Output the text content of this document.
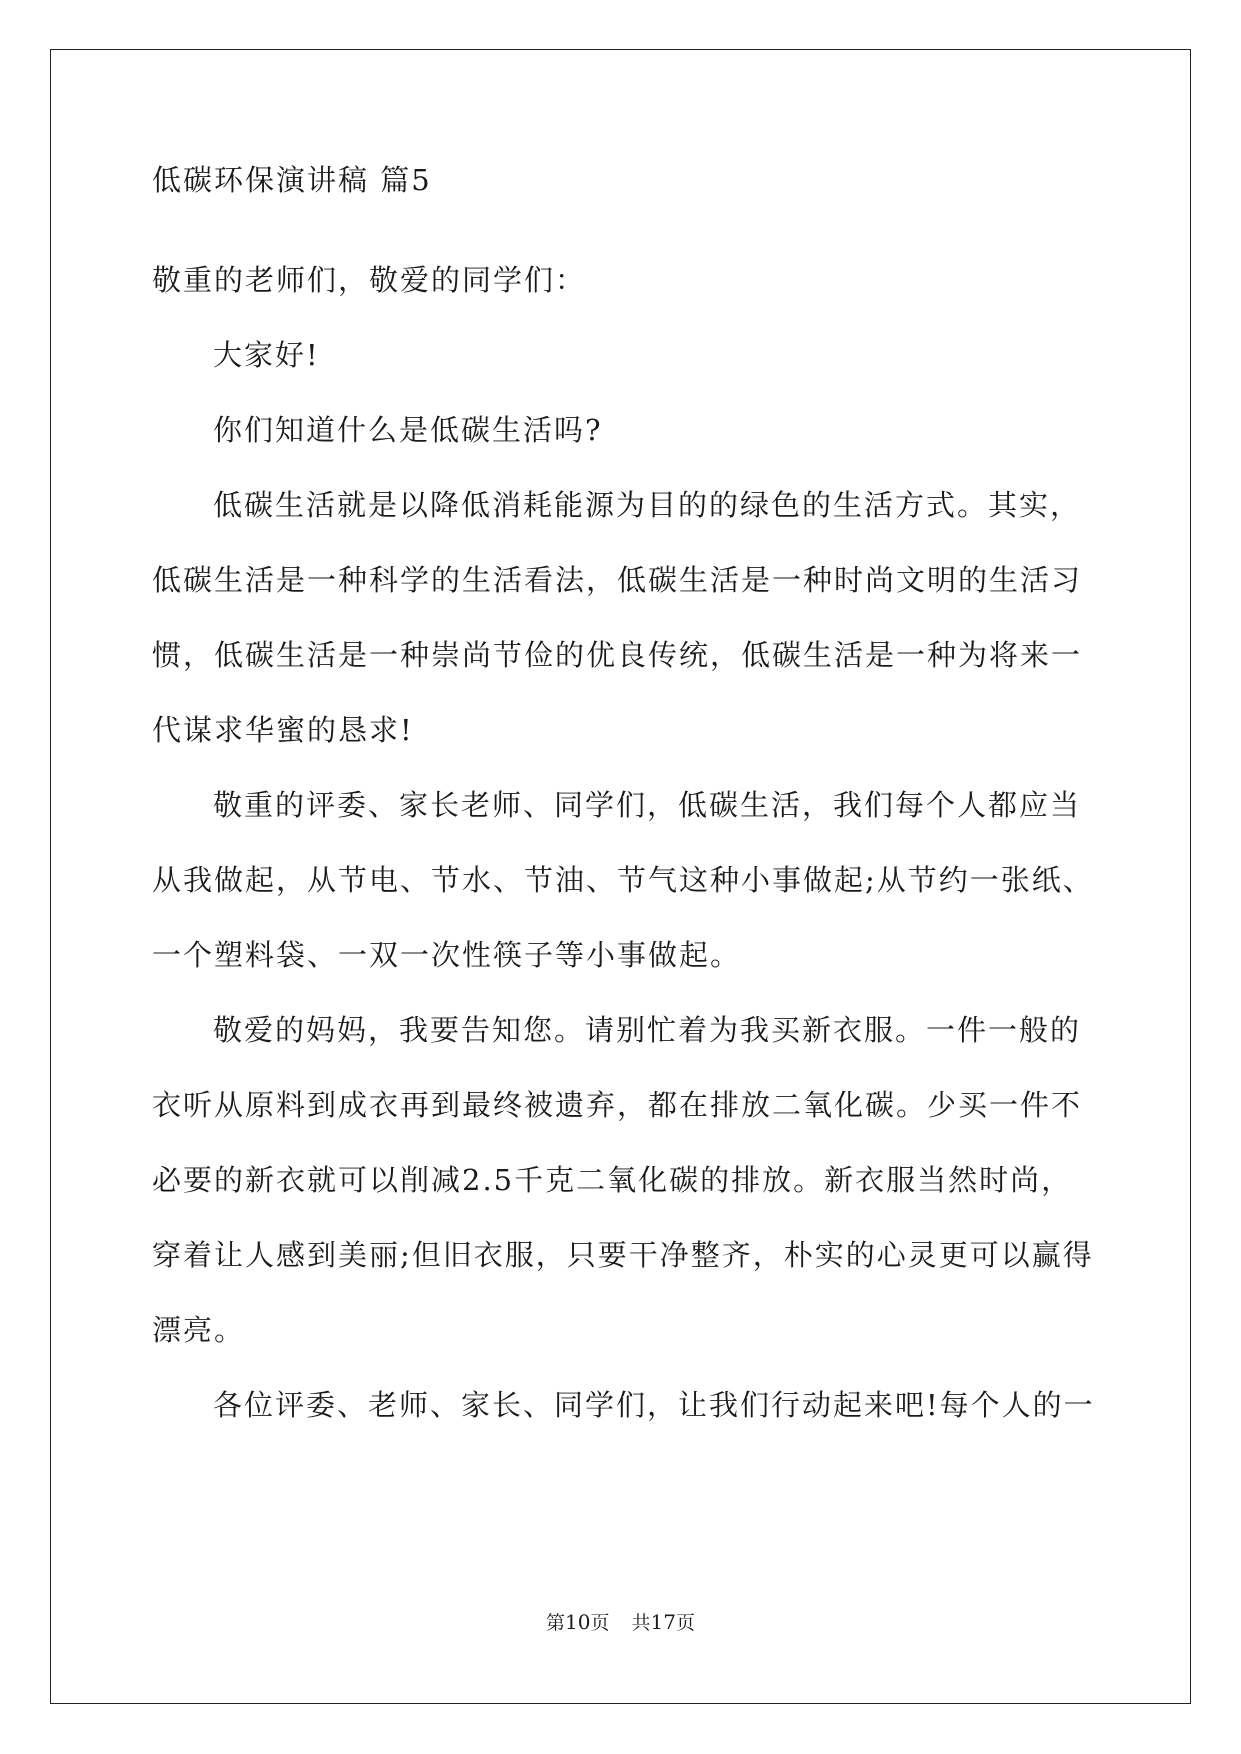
低碳环保演讲稿 篇5
敬重的老师们，敬爱的同学们：
大家好!
你们知道什么是低碳生活吗?
低碳生活就是以降低消耗能源为目的的绿色的生活方式。其实，
低碳生活是一种科学的生活看法，低碳生活是一种时尚文明的生活习
惯，低碳生活是一种崇尚节俭的优良传统，低碳生活是一种为将来一
代谋求华蜜的恳求!
敬重的评委、家长老师、同学们，低碳生活，我们每个人都应当
从我做起，从节电、节水、节油、节气这种小事做起;从节约一张纸、
一个塑料袋、一双一次性筷子等小事做起。
敬爱的妈妈，我要告知您。请别忙着为我买新衣服。一件一般的
衣听从原料到成衣再到最终被遗弃，都在排放二氧化碳。少买一件不
必要的新衣就可以削减2.5千克二氧化碳的排放。新衣服当然时尚，
穿着让人感到美丽;但旧衣服，只要干净整齐，朴实的心灵更可以赢得
漂亮。
各位评委、老师、家长、同学们，让我们行动起来吧!每个人的一
第10页 共17页
